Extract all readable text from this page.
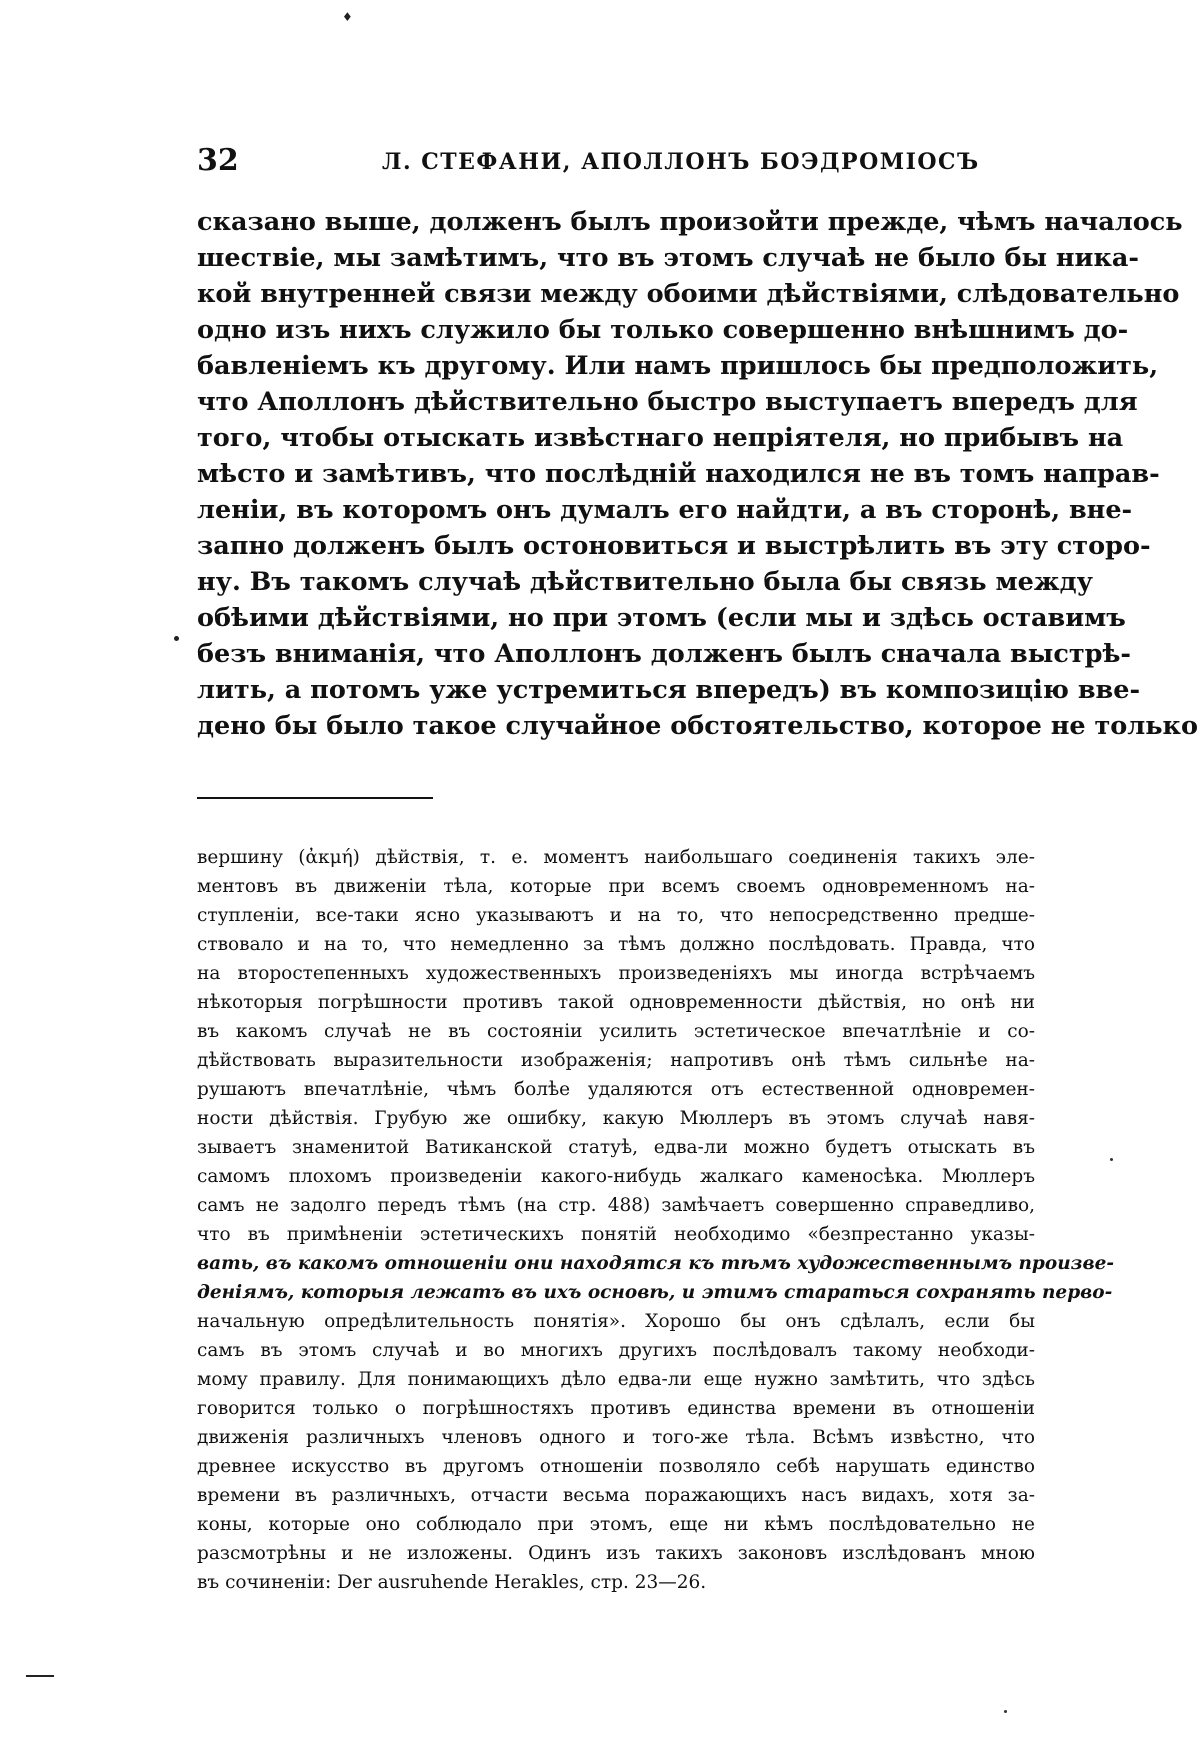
♦
32	Л. СТЕФАНИ, АПОЛЛОНЪ БОЭДРОМІОСЪ
сказано выше, долженъ былъ произойти прежде, чѣмъ началось
шествіе, мы замѣтимъ, что въ этомъ случаѣ не было бы ника-
кой внутренней связи между обоими дѣйствіями, слѣдовательно
одно изъ нихъ служило бы только совершенно внѣшнимъ до-
бавленіемъ къ другому. Или намъ пришлось бы предположить,
что Аполлонъ дѣйствительно быстро выступаетъ впередъ для
того, чтобы отыскать извѣстнаго непріятеля, но прибывъ на
мѣсто и замѣтивъ, что послѣдній находился не въ томъ направ-
леніи, въ которомъ онъ думалъ его найдти, а въ сторонѣ, вне-
запно долженъ былъ остоновиться и выстрѣлить въ эту сторо-
ну. Въ такомъ случаѣ дѣйствительно была бы связь между
обѣими дѣйствіями, но при этомъ (если мы и здѣсь оставимъ
безъ вниманія, что Аполлонъ долженъ былъ сначала выстрѣ-
лить, а потомъ уже устремиться впередъ) въ композицію вве-
дено бы было такое случайное обстоятельство, которое не только
вершину (ἀκμή) дѣйствія, т. е. моментъ наибольшаго соединенія такихъ эле-
ментовъ въ движеніи тѣла, которые при всемъ своемъ одновременномъ на-
ступленіи, все-таки ясно указываютъ и на то, что непосредственно предше-
ствовало и на то, что немедленно за тѣмъ должно послѣдовать. Правда, что
на второстепенныхъ художественныхъ произведеніяхъ мы иногда встрѣчаемъ
нѣкоторыя погрѣшности противъ такой одновременности дѣйствія, но онѣ ни
въ какомъ случаѣ не въ состояніи усилить эстетическое впечатлѣніе и со-
дѣйствовать выразительности изображенія; напротивъ онѣ тѣмъ сильнѣе на-
рушаютъ впечатлѣніе, чѣмъ болѣе удаляются отъ естественной одновремен-
ности дѣйствія. Грубую же ошибку, какую Мюллеръ въ этомъ случаѣ навя-
зываетъ знаменитой Ватиканской статуѣ, едва-ли можно будетъ отыскать въ
самомъ плохомъ произведеніи какого-нибудь жалкаго каменосѣка. Мюллеръ
самъ не задолго передъ тѣмъ (на стр. 488) замѣчаетъ совершенно справедливо,
что въ примѣненіи эстетическихъ понятій необходимо «безпрестанно указы-
вать, въ какомъ отношеніи они находятся къ тѣмъ художественнымъ произве-
деніямъ, которыя лежатъ въ ихъ основѣ, и этимъ стараться сохранять перво-
начальную опредѣлительность понятія». Хорошо бы онъ сдѣлалъ, если бы
самъ въ этомъ случаѣ и во многихъ другихъ послѣдовалъ такому необходи-
мому правилу. Для понимающихъ дѣло едва-ли еще нужно замѣтить, что здѣсь
говорится только о погрѣшностяхъ противъ единства времени въ отношеніи
движенія различныхъ членовъ одного и того-же тѣла. Всѣмъ извѣстно, что
древнее искусство въ другомъ отношеніи позволяло себѣ нарушать единство
времени въ различныхъ, отчасти весьма поражающихъ насъ видахъ, хотя за-
коны, которые оно соблюдало при этомъ, еще ни кѣмъ послѣдовательно не
разсмотрѣны и не изложены. Одинъ изъ такихъ законовъ изслѣдованъ мною
въ сочиненіи: Der ausruhende Herakles, стр. 23—26.
